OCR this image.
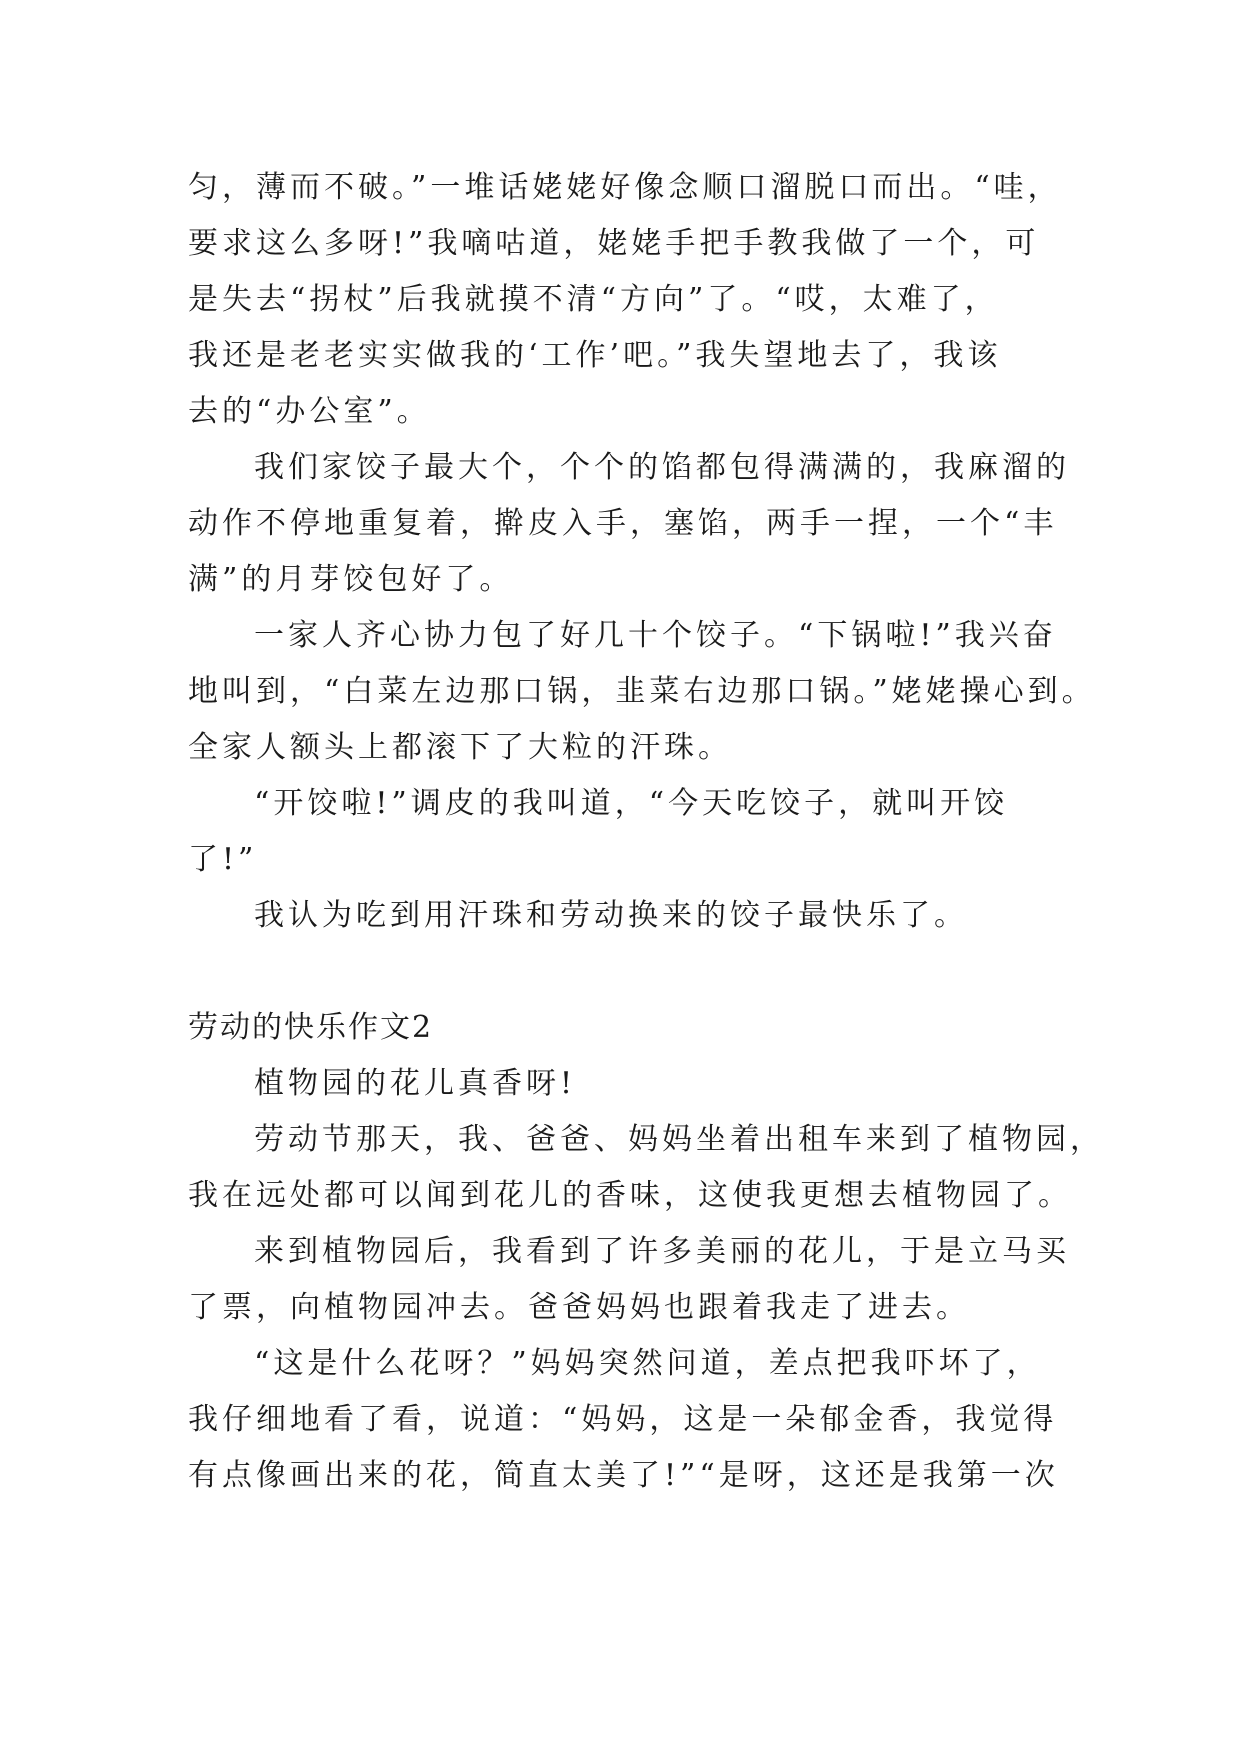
匀，薄而不破。”一堆话姥姥好像念顺口溜脱口而出。“哇，
要求这么多呀!”我嘀咕道，姥姥手把手教我做了一个，可
是失去“拐杖”后我就摸不清“方向”了。“哎，太难了，
我还是老老实实做我的‘工作’吧。”我失望地去了，我该
去的“办公室”。
我们家饺子最大个，个个的馅都包得满满的，我麻溜的
动作不停地重复着，擀皮入手，塞馅，两手一捏，一个“丰
满”的月芽饺包好了。
一家人齐心协力包了好几十个饺子。“下锅啦!”我兴奋
地叫到，“白菜左边那口锅，韭菜右边那口锅。”姥姥操心到。
全家人额头上都滚下了大粒的汗珠。
“开饺啦!”调皮的我叫道，“今天吃饺子，就叫开饺
了!”
我认为吃到用汗珠和劳动换来的饺子最快乐了。
劳动的快乐作文2
植物园的花儿真香呀!
劳动节那天，我、爸爸、妈妈坐着出租车来到了植物园，
我在远处都可以闻到花儿的香味，这使我更想去植物园了。
来到植物园后，我看到了许多美丽的花儿，于是立马买
了票，向植物园冲去。爸爸妈妈也跟着我走了进去。
“这是什么花呀？”妈妈突然问道，差点把我吓坏了，
我仔细地看了看，说道：“妈妈，这是一朵郁金香，我觉得
有点像画出来的花，简直太美了!”“是呀，这还是我第一次
